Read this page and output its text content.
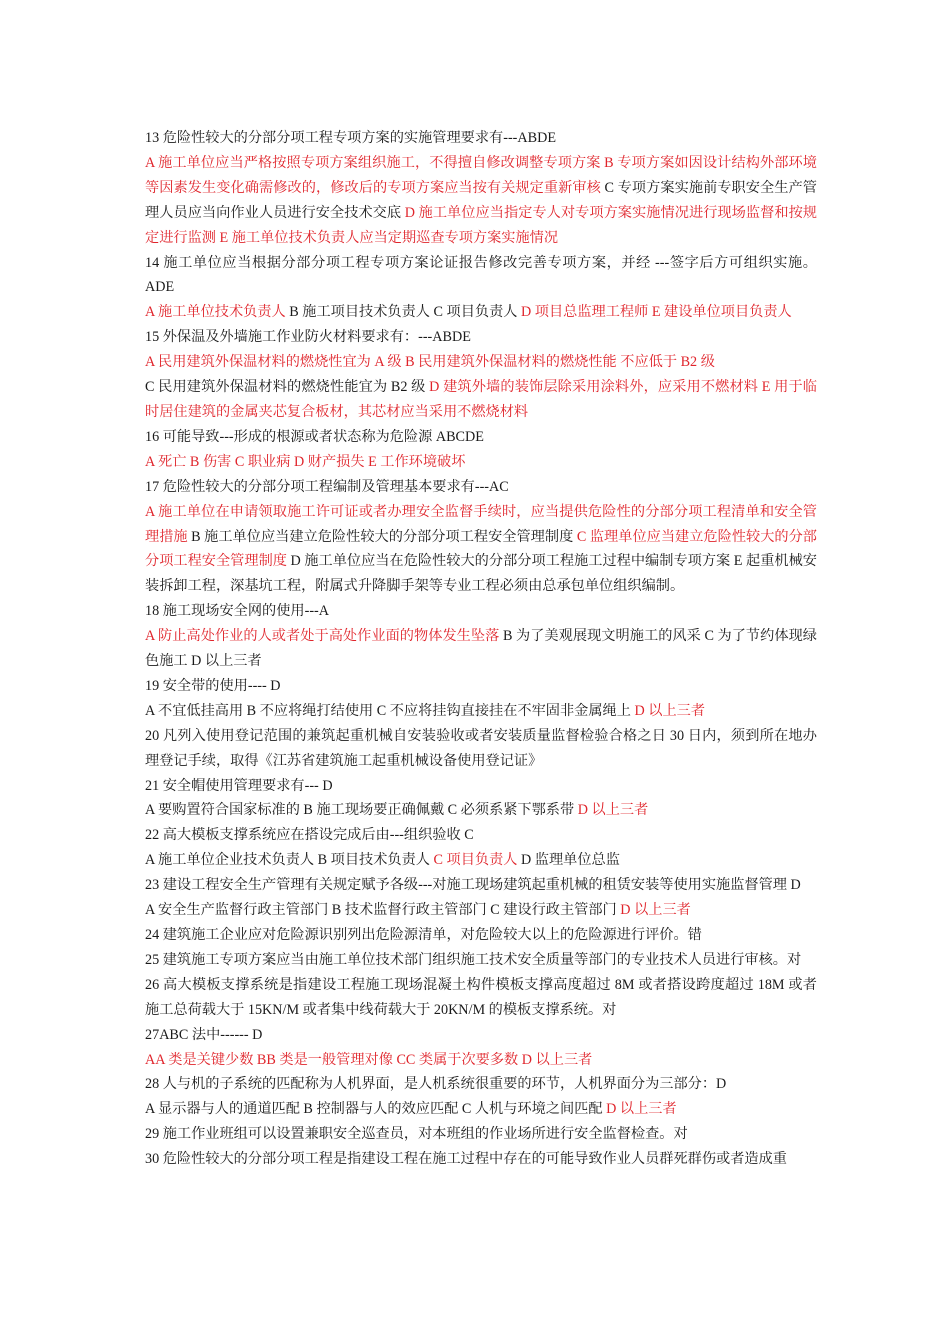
13 危险性较大的分部分项工程专项方案的实施管理要求有---ABDE
A 施工单位应当严格按照专项方案组织施工，不得擅自修改调整专项方案 B 专项方案如因设计结构外部环境等因素发生变化确需修改的，修改后的专项方案应当按有关规定重新审核 C 专项方案实施前专职安全生产管理人员应当向作业人员进行安全技术交底 D 施工单位应当指定专人对专项方案实施情况进行现场监督和按规定进行监测 E 施工单位技术负责人应当定期巡查专项方案实施情况
14 施工单位应当根据分部分项工程专项方案论证报告修改完善专项方案，并经 ---签字后方可组织实施。ADE
A 施工单位技术负责人 B 施工项目技术负责人 C 项目负责人 D 项目总监理工程师 E 建设单位项目负责人
15 外保温及外墙施工作业防火材料要求有：---ABDE
A 民用建筑外保温材料的燃烧性宜为 A 级 B 民用建筑外保温材料的燃烧性能 不应低于 B2 级
C 民用建筑外保温材料的燃烧性能宜为 B2 级 D 建筑外墙的装饰层除采用涂料外，应采用不燃材料 E 用于临时居住建筑的金属夹芯复合板材，其芯材应当采用不燃烧材料
16 可能导致---形成的根源或者状态称为危险源 ABCDE
A 死亡 B 伤害 C 职业病 D 财产损失 E 工作环境破坏
17 危险性较大的分部分项工程编制及管理基本要求有---AC
A 施工单位在申请领取施工许可证或者办理安全监督手续时，应当提供危险性的分部分项工程清单和安全管理措施 B 施工单位应当建立危险性较大的分部分项工程安全管理制度 C 监理单位应当建立危险性较大的分部分项工程安全管理制度 D 施工单位应当在危险性较大的分部分项工程施工过程中编制专项方案 E 起重机械安装拆卸工程，深基坑工程，附属式升降脚手架等专业工程必须由总承包单位组织编制。
18 施工现场安全网的使用---A
A 防止高处作业的人或者处于高处作业面的物体发生坠落 B 为了美观展现文明施工的风采 C 为了节约体现绿色施工 D 以上三者
19 安全带的使用---- D
A 不宜低挂高用 B 不应将绳打结使用 C 不应将挂钩直接挂在不牢固非金属绳上 D 以上三者
20 凡列入使用登记范围的兼筑起重机械自安装验收或者安装质量监督检验合格之日 30 日内，须到所在地办理登记手续，取得《江苏省建筑施工起重机械设备使用登记证》
21 安全帽使用管理要求有--- D
A 要购置符合国家标准的 B 施工现场要正确佩戴 C 必须系紧下鄂系带 D 以上三者
22 高大模板支撑系统应在搭设完成后由---组织验收 C
A 施工单位企业技术负责人 B 项目技术负责人 C 项目负责人 D 监理单位总监
23 建设工程安全生产管理有关规定赋予各级---对施工现场建筑起重机械的租赁安装等使用实施监督管理 D
A 安全生产监督行政主管部门 B 技术监督行政主管部门 C 建设行政主管部门 D 以上三者
24 建筑施工企业应对危险源识别列出危险源清单，对危险较大以上的危险源进行评价。错
25 建筑施工专项方案应当由施工单位技术部门组织施工技术安全质量等部门的专业技术人员进行审核。对
26 高大模板支撑系统是指建设工程施工现场混凝土构件模板支撑高度超过 8M 或者搭设跨度超过 18M 或者施工总荷载大于 15KN/M 或者集中线荷载大于 20KN/M 的模板支撑系统。对
27ABC 法中------ D
AA 类是关键少数 BB 类是一般管理对像 CC 类属于次要多数 D 以上三者
28 人与机的子系统的匹配称为人机界面，是人机系统很重要的环节，人机界面分为三部分：D
A 显示器与人的通道匹配 B 控制器与人的效应匹配 C 人机与环境之间匹配 D 以上三者
29 施工作业班组可以设置兼职安全巡查员，对本班组的作业场所进行安全监督检查。对
30 危险性较大的分部分项工程是指建设工程在施工过程中存在的可能导致作业人员群死群伤或者造成重
